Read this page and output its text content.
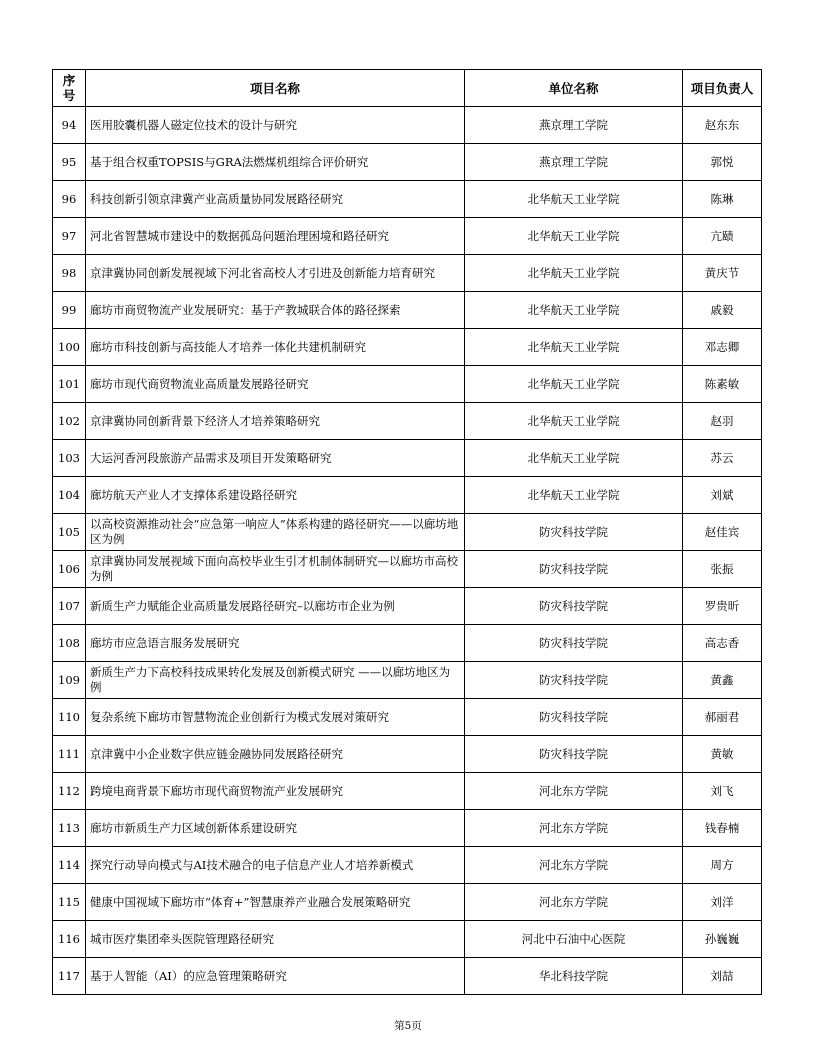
序号	项目名称	单位名称	项目负责人
94	医用胶囊机器人磁定位技术的设计与研究	燕京理工学院	赵东东
95	基于组合权重TOPSIS与GRA法燃煤机组综合评价研究	燕京理工学院	郭悦
96	科技创新引领京津冀产业高质量协同发展路径研究	北华航天工业学院	陈琳
97	河北省智慧城市建设中的数据孤岛问题治理困境和路径研究	北华航天工业学院	亢赜
98	京津冀协同创新发展视域下河北省高校人才引进及创新能力培育研究	北华航天工业学院	黄庆节
99	廊坊市商贸物流产业发展研究：基于产教城联合体的路径探索	北华航天工业学院	戚毅
100	廊坊市科技创新与高技能人才培养一体化共建机制研究	北华航天工业学院	邓志卿
101	廊坊市现代商贸物流业高质量发展路径研究	北华航天工业学院	陈素敏
102	京津冀协同创新背景下经济人才培养策略研究	北华航天工业学院	赵羽
103	大运河香河段旅游产品需求及项目开发策略研究	北华航天工业学院	苏云
104	廊坊航天产业人才支撑体系建设路径研究	北华航天工业学院	刘斌
105	以高校资源推动社会“应急第一响应人”体系构建的路径研究——以廊坊地区为例	防灾科技学院	赵佳宾
106	京津冀协同发展视域下面向高校毕业生引才机制体制研究—以廊坊市高校为例	防灾科技学院	张振
107	新质生产力赋能企业高质量发展路径研究–以廊坊市企业为例	防灾科技学院	罗贵昕
108	廊坊市应急语言服务发展研究	防灾科技学院	高志香
109	新质生产力下高校科技成果转化发展及创新模式研究 ——以廊坊地区为例	防灾科技学院	黄鑫
110	复杂系统下廊坊市智慧物流企业创新行为模式发展对策研究	防灾科技学院	郝丽君
111	京津冀中小企业数字供应链金融协同发展路径研究	防灾科技学院	黄敏
112	跨境电商背景下廊坊市现代商贸物流产业发展研究	河北东方学院	刘飞
113	廊坊市新质生产力区域创新体系建设研究	河北东方学院	钱春楠
114	探究行动导向模式与AI技术融合的电子信息产业人才培养新模式	河北东方学院	周方
115	健康中国视域下廊坊市“体育+”智慧康养产业融合发展策略研究	河北东方学院	刘洋
116	城市医疗集团牵头医院管理路径研究	河北中石油中心医院	孙巍巍
117	基于人智能（AI）的应急管理策略研究	华北科技学院	刘喆
第5页
